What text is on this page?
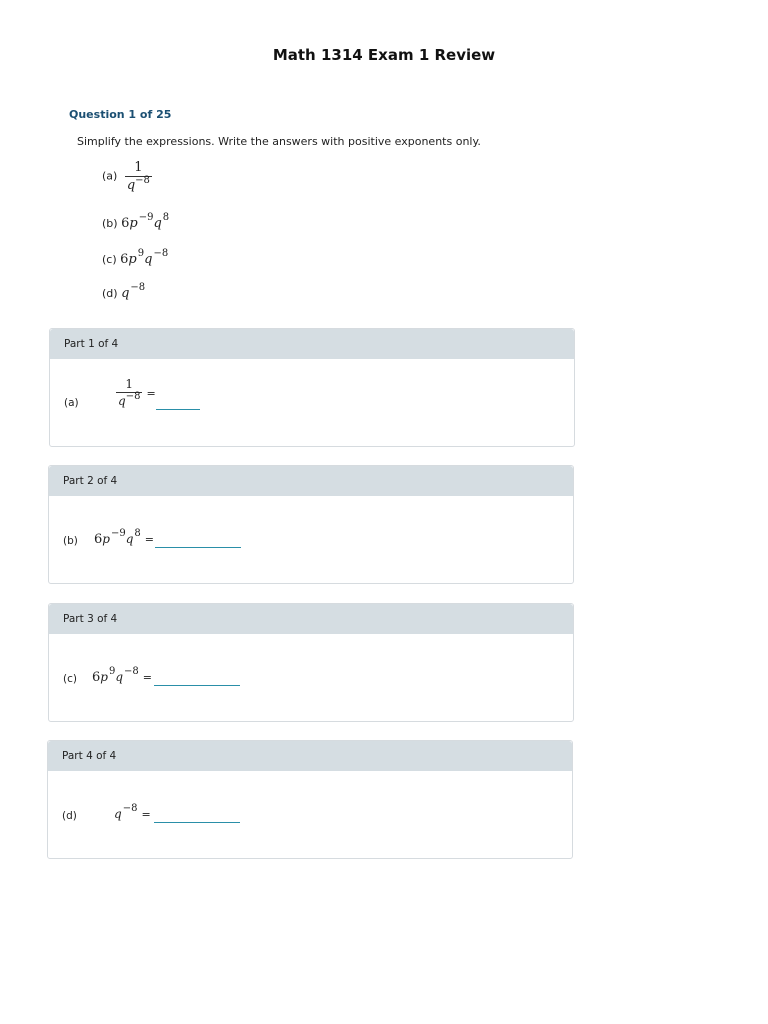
Math 1314 Exam 1 Review
Question 1 of 25
Simplify the expressions. Write the answers with positive exponents only.
$(a) \frac{1}{q^{-8}}$
(b) $6p^{-9}q^8$
(c) $6p^9q^{-8}$
(d) $q^{-8}$
Part 1 of 4
(a)	$\frac{1}{q^{-8}}$ =
Part 2 of 4
(b) $6p^{-9}q^8$ =
Part 3 of 4
(c) $6p^9q^{-8}$ =
Part 4 of 4
(d)	$q^{-8}$ =
